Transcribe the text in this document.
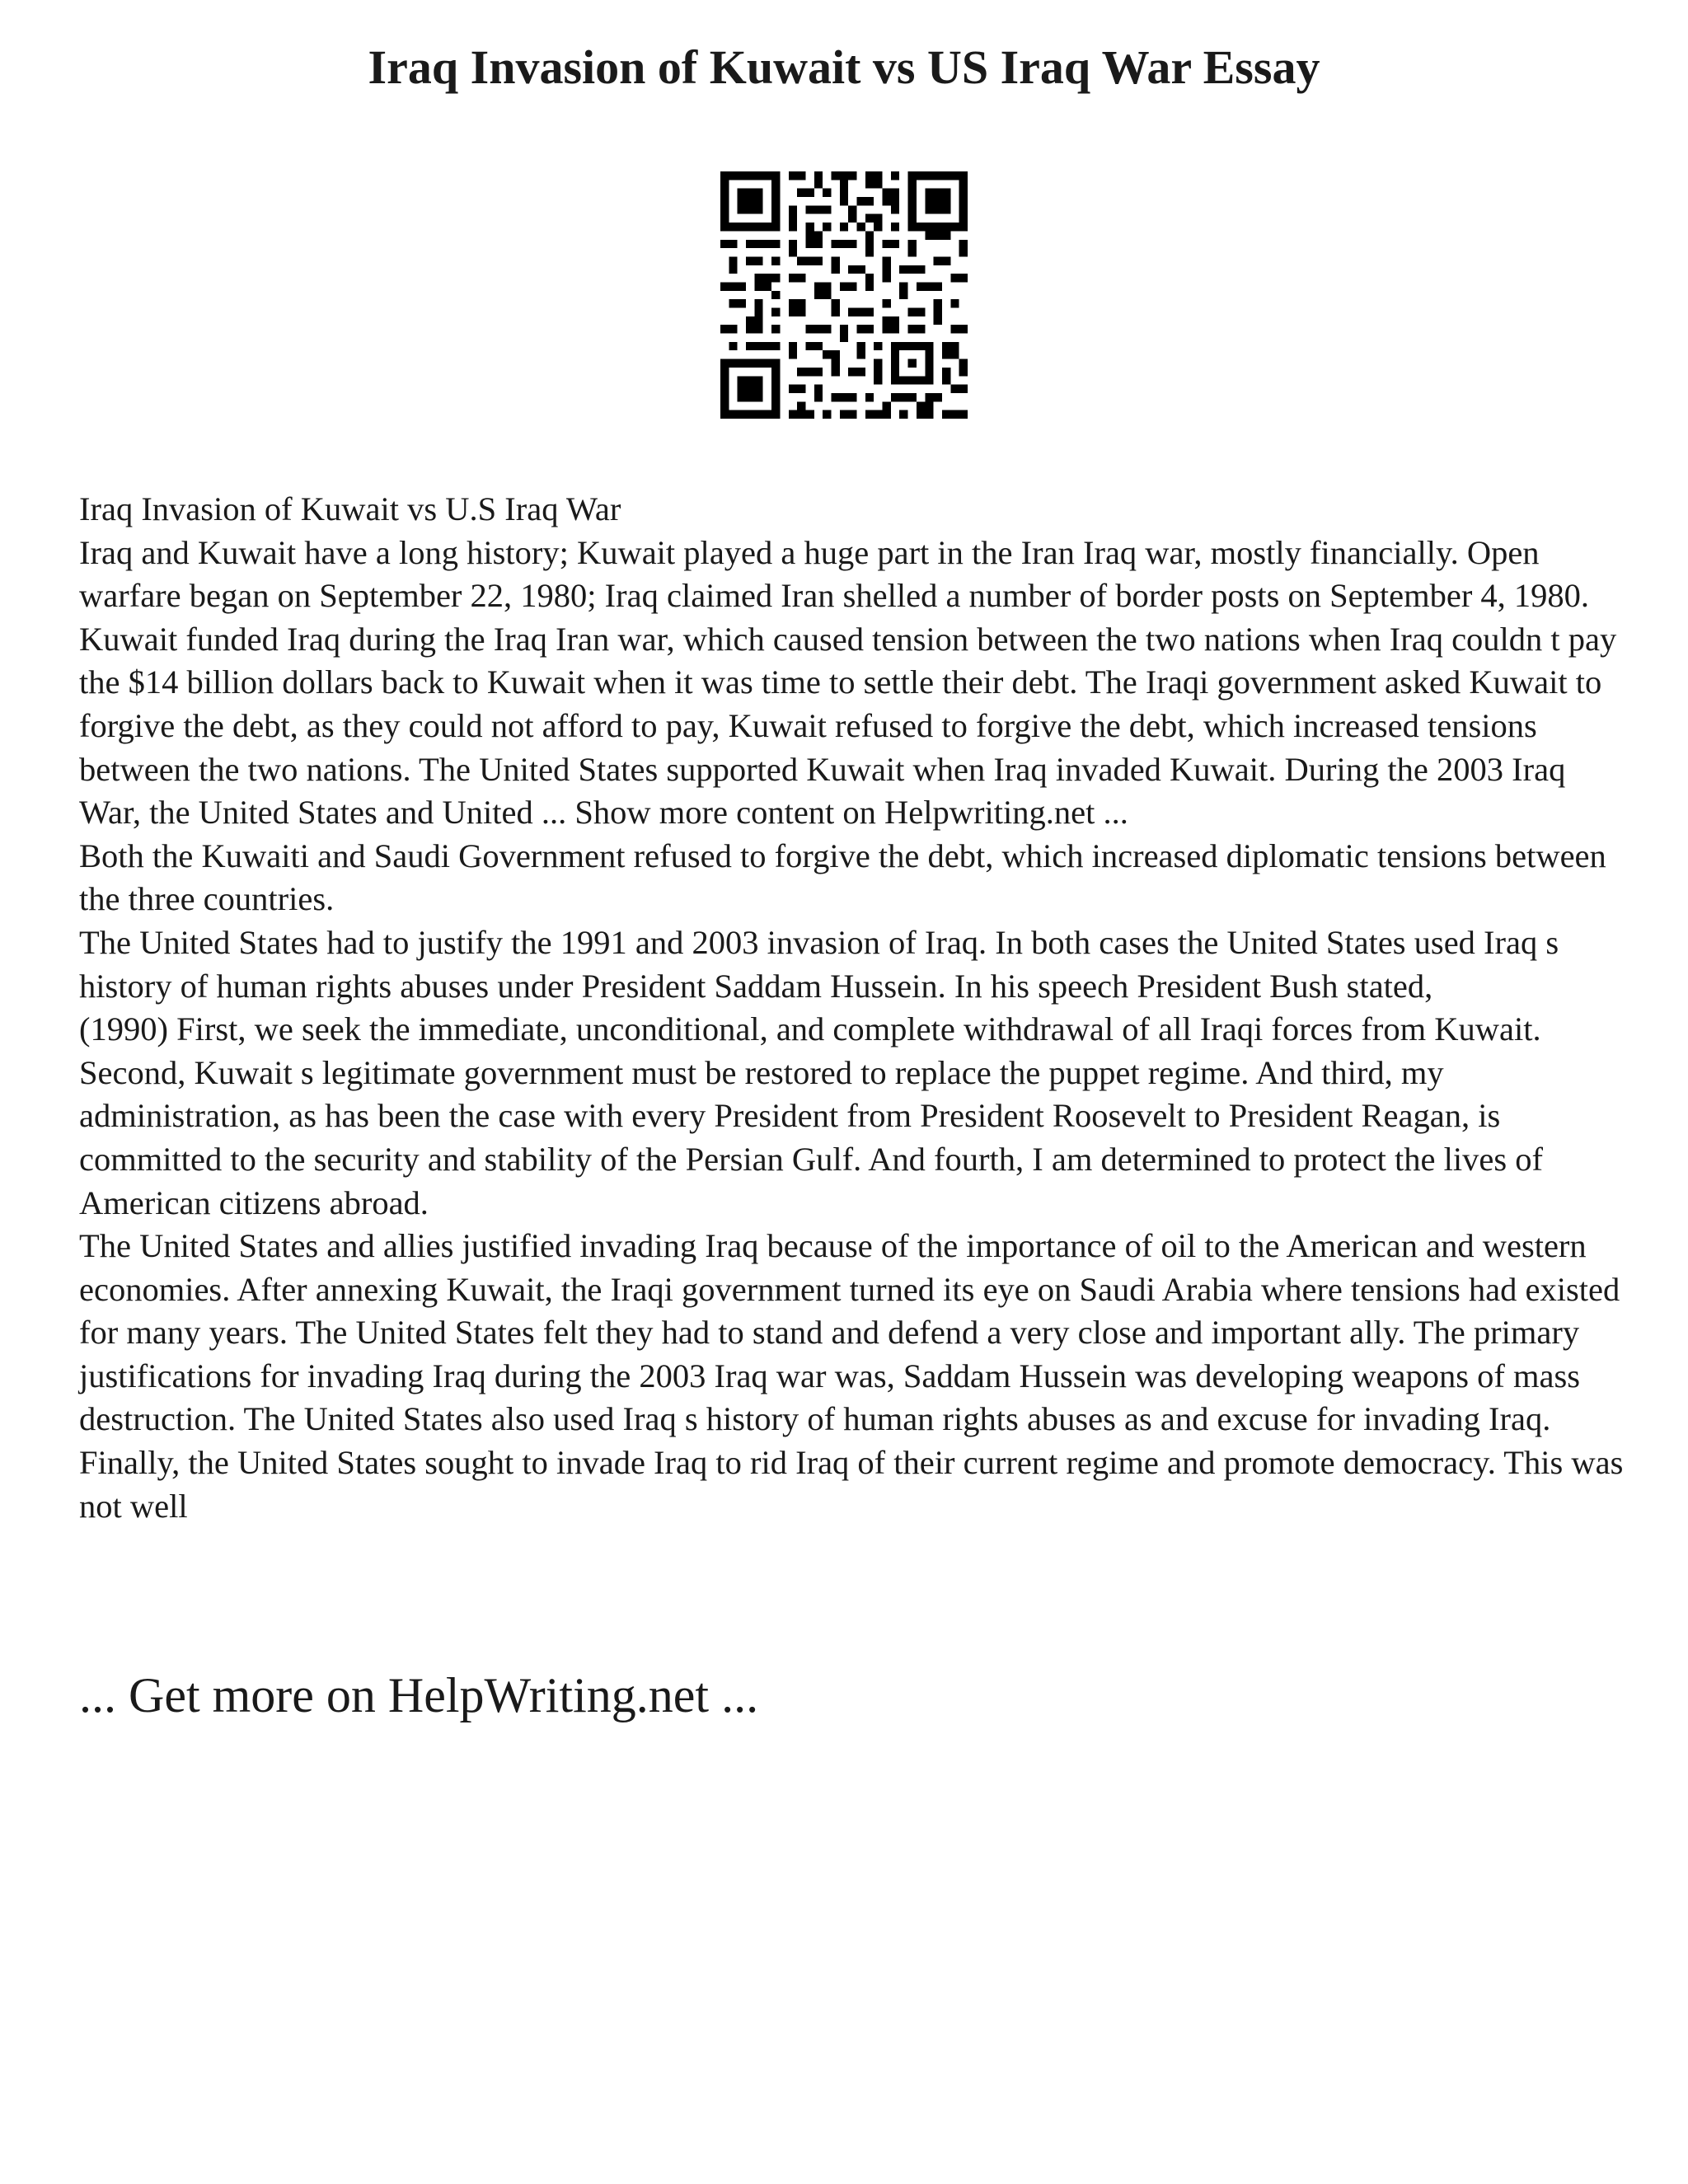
Iraq Invasion of Kuwait vs US Iraq War Essay

Iraq Invasion of Kuwait vs U.S Iraq War

Iraq and Kuwait have a long history; Kuwait played a huge part in the Iran Iraq war, mostly financially. Open warfare began on September 22, 1980; Iraq claimed Iran shelled a number of border posts on September 4, 1980. Kuwait funded Iraq during the Iraq Iran war, which caused tension between the two nations when Iraq couldn t pay the $14 billion dollars back to Kuwait when it was time to settle their debt. The Iraqi government asked Kuwait to forgive the debt, as they could not afford to pay, Kuwait refused to forgive the debt, which increased tensions between the two nations. The United States supported Kuwait when Iraq invaded Kuwait. During the 2003 Iraq War, the United States and United ... Show more content on Helpwriting.net ...

Both the Kuwaiti and Saudi Government refused to forgive the debt, which increased diplomatic tensions between the three countries.

The United States had to justify the 1991 and 2003 invasion of Iraq. In both cases the United States used Iraq s history of human rights abuses under President Saddam Hussein. In his speech President Bush stated,

(1990) First, we seek the immediate, unconditional, and complete withdrawal of all Iraqi forces from Kuwait. Second, Kuwait s legitimate government must be restored to replace the puppet regime. And third, my administration, as has been the case with every President from President Roosevelt to President Reagan, is committed to the security and stability of the Persian Gulf. And fourth, I am determined to protect the lives of American citizens abroad.

The United States and allies justified invading Iraq because of the importance of oil to the American and western economies. After annexing Kuwait, the Iraqi government turned its eye on Saudi Arabia where tensions had existed for many years. The United States felt they had to stand and defend a very close and important ally. The primary justifications for invading Iraq during the 2003 Iraq war was, Saddam Hussein was developing weapons of mass destruction. The United States also used Iraq s history of human rights abuses as and excuse for invading Iraq. Finally, the United States sought to invade Iraq to rid Iraq of their current regime and promote democracy. This was not well

... Get more on HelpWriting.net ...
